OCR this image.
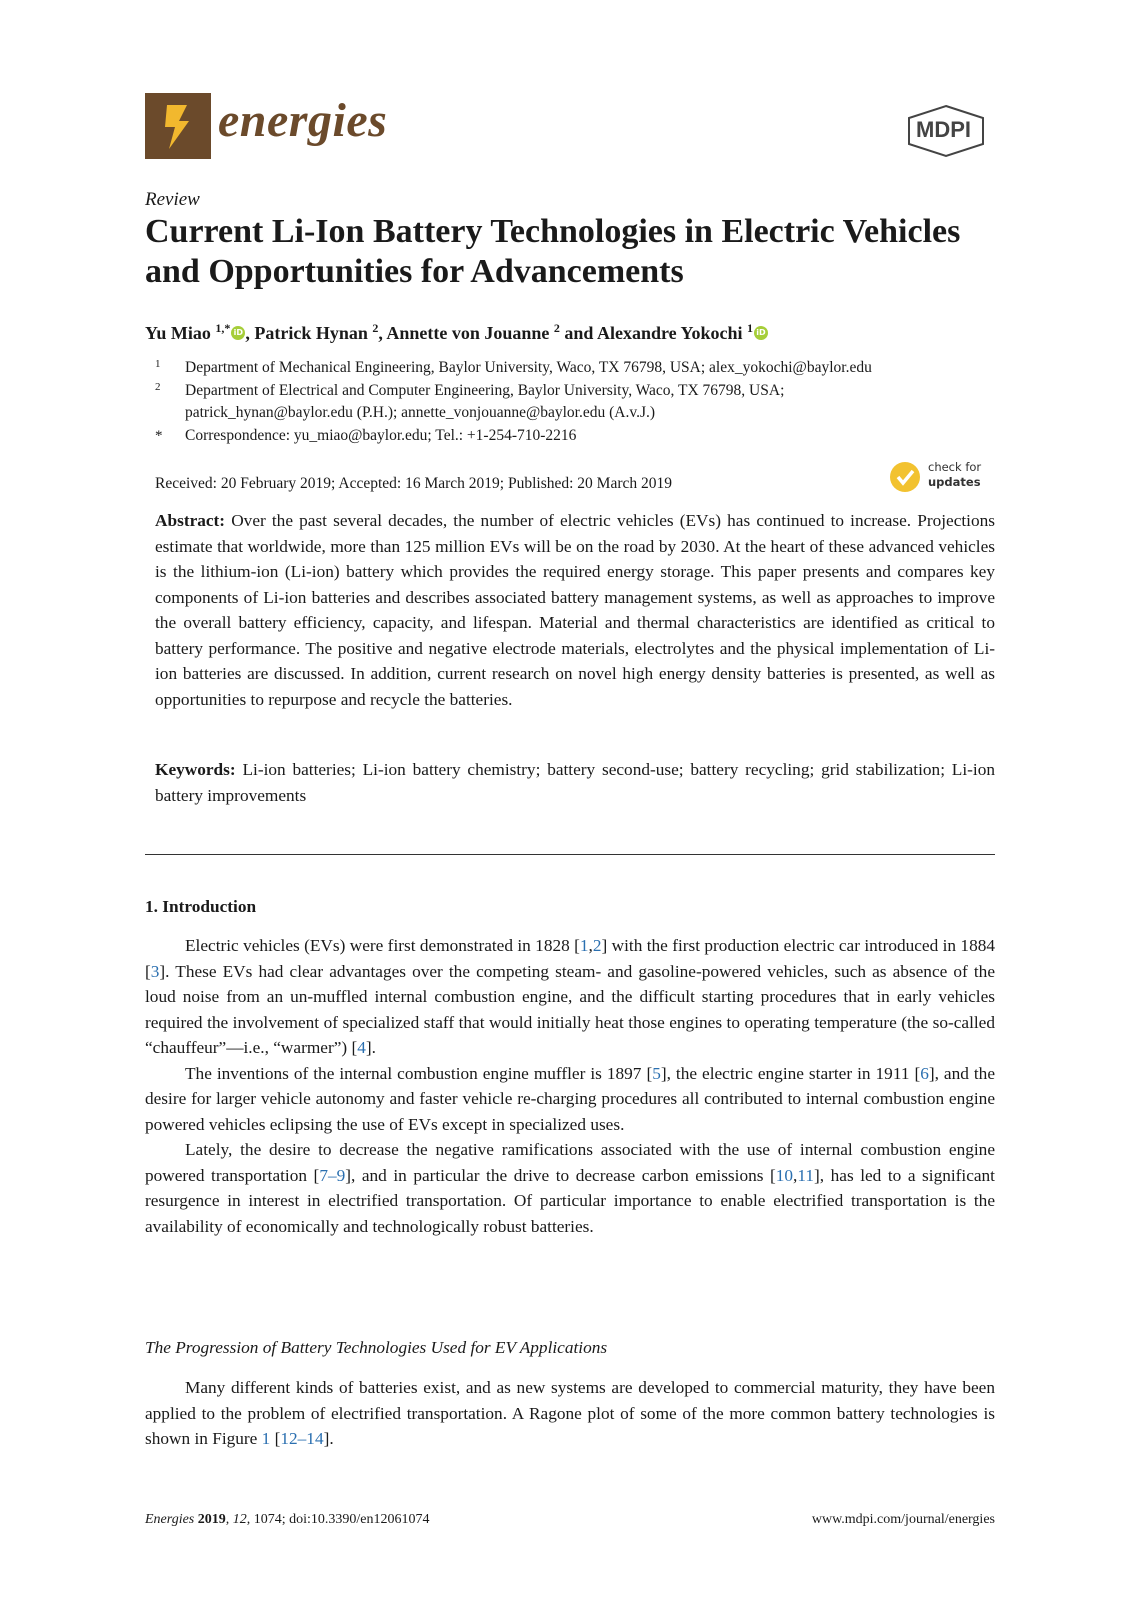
energies	MDPI
Review
Current Li-Ion Battery Technologies in Electric Vehicles and Opportunities for Advancements
Yu Miao $^{1,*}$ iD , Patrick Hynan $^2$, Annette von Jouanne $^2$ and Alexandre Yokochi $^1$ iD
1 Department of Mechanical Engineering, Baylor University, Waco, TX 76798, USA; alex_yokochi@baylor.edu
2 Department of Electrical and Computer Engineering, Baylor University, Waco, TX 76798, USA;
patrick_hynan@baylor.edu (P.H.); annette_vonjouanne@baylor.edu (A.v.J.)
* Correspondence: yu_miao@baylor.edu; Tel.: +1-254-710-2216
Received: 20 February 2019; Accepted: 16 March 2019; Published: 20 March 2019
check for
updates
Abstract: Over the past several decades, the number of electric vehicles (EVs) has continued to increase. Projections estimate that worldwide, more than 125 million EVs will be on the road by 2030. At the heart of these advanced vehicles is the lithium-ion (Li-ion) battery which provides the required energy storage. This paper presents and compares key components of Li-ion batteries and describes associated battery management systems, as well as approaches to improve the overall battery efficiency, capacity, and lifespan. Material and thermal characteristics are identified as critical to battery performance. The positive and negative electrode materials, electrolytes and the physical implementation of Li-ion batteries are discussed. In addition, current research on novel high energy density batteries is presented, as well as opportunities to repurpose and recycle the batteries.
Keywords: Li-ion batteries; Li-ion battery chemistry; battery second-use; battery recycling; grid stabilization; Li-ion battery improvements
1. Introduction

Electric vehicles (EVs) were first demonstrated in 1828 [1,2] with the first production electric car introduced in 1884 [3]. These EVs had clear advantages over the competing steam- and gasoline-powered vehicles, such as absence of the loud noise from an un-muffled internal combustion engine, and the difficult starting procedures that in early vehicles required the involvement of specialized staff that would initially heat those engines to operating temperature (the so-called “chauffeur”—i.e., “warmer”) [4].

The inventions of the internal combustion engine muffler is 1897 [5], the electric engine starter in 1911 [6], and the desire for larger vehicle autonomy and faster vehicle re-charging procedures all contributed to internal combustion engine powered vehicles eclipsing the use of EVs except in specialized uses.

Lately, the desire to decrease the negative ramifications associated with the use of internal combustion engine powered transportation [7–9], and in particular the drive to decrease carbon emissions [10,11], has led to a significant resurgence in interest in electrified transportation. Of particular importance to enable electrified transportation is the availability of economically and technologically robust batteries.

The Progression of Battery Technologies Used for EV Applications

Many different kinds of batteries exist, and as new systems are developed to commercial maturity, they have been applied to the problem of electrified transportation. A Ragone plot of some of the more common battery technologies is shown in Figure 1 [12–14].

Energies 2019, 12, 1074; doi:10.3390/en12061074	www.mdpi.com/journal/energies
